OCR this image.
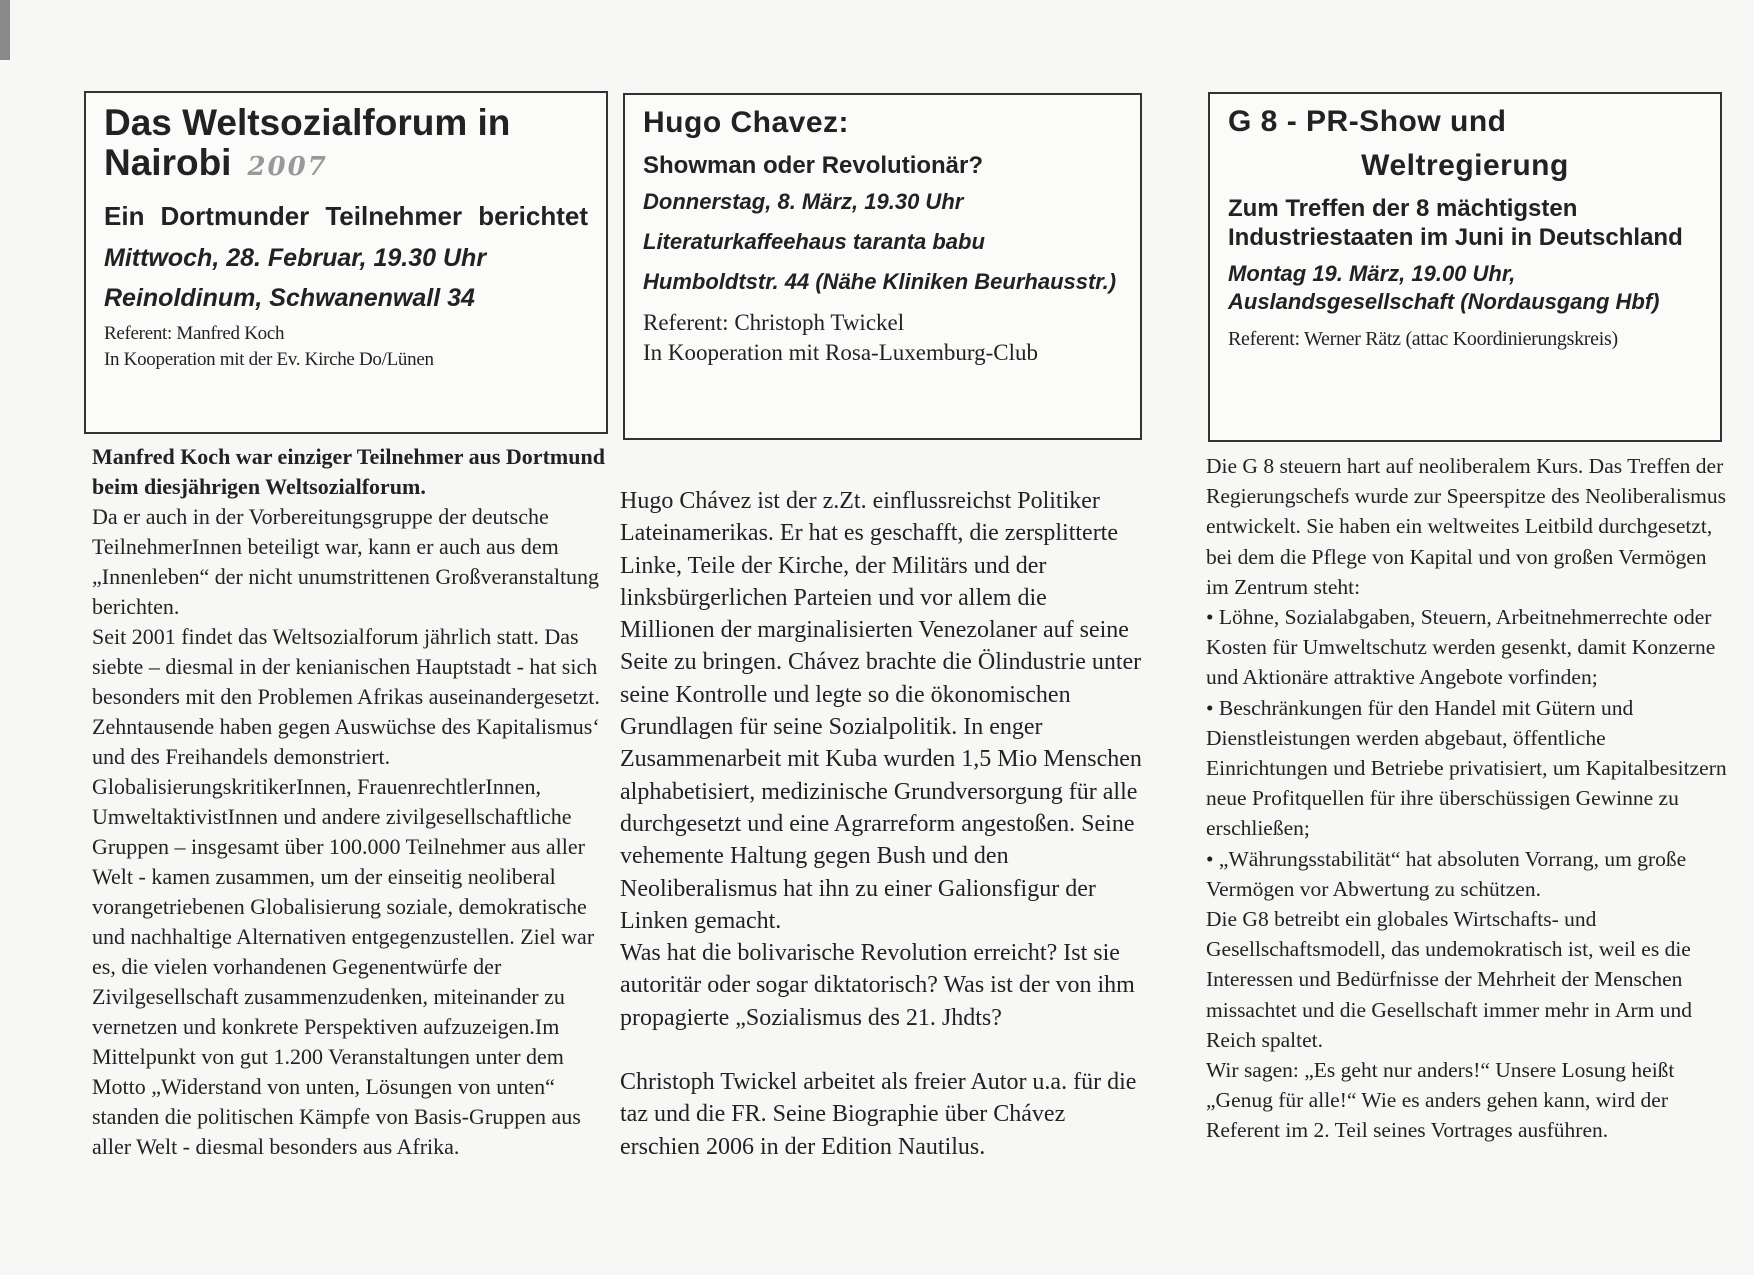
Das Weltsozialforum in Nairobi 2007
Ein Dortmunder Teilnehmer berichtet
Mittwoch, 28. Februar, 19.30 Uhr
Reinoldinum, Schwanenwall 34
Referent: Manfred Koch
In Kooperation mit der Ev. Kirche Do/Lünen

Manfred Koch war einziger Teilnehmer aus Dortmund beim diesjährigen Weltsozialforum.

Da er auch in der Vorbereitungsgruppe der deutsche TeilnehmerInnen beteiligt war, kann er auch aus dem „Innenleben“ der nicht unumstrittenen Großveranstaltung berichten.

Seit 2001 findet das Weltsozialforum jährlich statt. Das siebte – diesmal in der kenianischen Hauptstadt - hat sich besonders mit den Problemen Afrikas auseinandergesetzt. Zehntausende haben gegen Auswüchse des Kapitalismus‘ und des Freihandels demonstriert. GlobalisierungskritikerInnen, FrauenrechtlerInnen, UmweltaktivistInnen und andere zivilgesellschaftliche Gruppen – insgesamt über 100.000 Teilnehmer aus aller Welt - kamen zusammen, um der einseitig neoliberal vorangetriebenen Globalisierung soziale, demokratische und nachhaltige Alternativen entgegenzustellen. Ziel war es, die vielen vorhandenen Gegenentwürfe der Zivilgesellschaft zusammenzudenken, miteinander zu vernetzen und konkrete Perspektiven aufzuzeigen.Im Mittelpunkt von gut 1.200 Veranstaltungen unter dem Motto „Widerstand von unten, Lösungen von unten“ standen die politischen Kämpfe von Basis-Gruppen aus aller Welt - diesmal besonders aus Afrika.

Hugo Chavez:
Showman oder Revolutionär?
Donnerstag, 8. März, 19.30 Uhr
Literaturkaffeehaus taranta babu
Humboldtstr. 44 (Nähe Kliniken Beurhausstr.)
Referent: Christoph Twickel
In Kooperation mit Rosa-Luxemburg-Club

Hugo Chávez ist der z.Zt. einflussreichst Politiker Lateinamerikas. Er hat es geschafft, die zersplitterte Linke, Teile der Kirche, der Militärs und der linksbürgerlichen Parteien und vor allem die Millionen der marginalisierten Venezolaner auf seine Seite zu bringen. Chávez brachte die Ölindustrie unter seine Kontrolle und legte so die ökonomischen Grundlagen für seine Sozialpolitik. In enger Zusammenarbeit mit Kuba wurden 1,5 Mio Menschen alphabetisiert, medizinische Grundversorgung für alle durchgesetzt und eine Agrarreform angestoßen. Seine vehemente Haltung gegen Bush und den Neoliberalismus hat ihn zu einer Galionsfigur der Linken gemacht.

Was hat die bolivarische Revolution erreicht? Ist sie autoritär oder sogar diktatorisch? Was ist der von ihm propagierte „Sozialismus des 21. Jhdts?

Christoph Twickel arbeitet als freier Autor u.a. für die taz und die FR. Seine Biographie über Chávez erschien 2006 in der Edition Nautilus.

G 8 - PR-Show und
Weltregierung
Zum Treffen der 8 mächtigsten Industriestaaten im Juni in Deutschland
Montag 19. März, 19.00 Uhr,
Auslandsgesellschaft (Nordausgang Hbf)
Referent: Werner Rätz (attac Koordinierungskreis)

Die G 8 steuern hart auf neoliberalem Kurs. Das Treffen der Regierungschefs wurde zur Speerspitze des Neoliberalismus entwickelt. Sie haben ein weltweites Leitbild durchgesetzt, bei dem die Pflege von Kapital und von großen Vermögen im Zentrum steht:

• Löhne, Sozialabgaben, Steuern, Arbeitnehmerrechte oder Kosten für Umweltschutz werden gesenkt, damit Konzerne und Aktionäre attraktive Angebote vorfinden;

• Beschränkungen für den Handel mit Gütern und Dienstleistungen werden abgebaut, öffentliche Einrichtungen und Betriebe privatisiert, um Kapitalbesitzern neue Profitquellen für ihre überschüssigen Gewinne zu erschließen;

• „Währungsstabilität“ hat absoluten Vorrang, um große Vermögen vor Abwertung zu schützen.

Die G8 betreibt ein globales Wirtschafts- und Gesellschaftsmodell, das undemokratisch ist, weil es die Interessen und Bedürfnisse der Mehrheit der Menschen missachtet und die Gesellschaft immer mehr in Arm und Reich spaltet.

Wir sagen: „Es geht nur anders!“ Unsere Losung heißt „Genug für alle!“ Wie es anders gehen kann, wird der Referent im 2. Teil seines Vortrages ausführen.
